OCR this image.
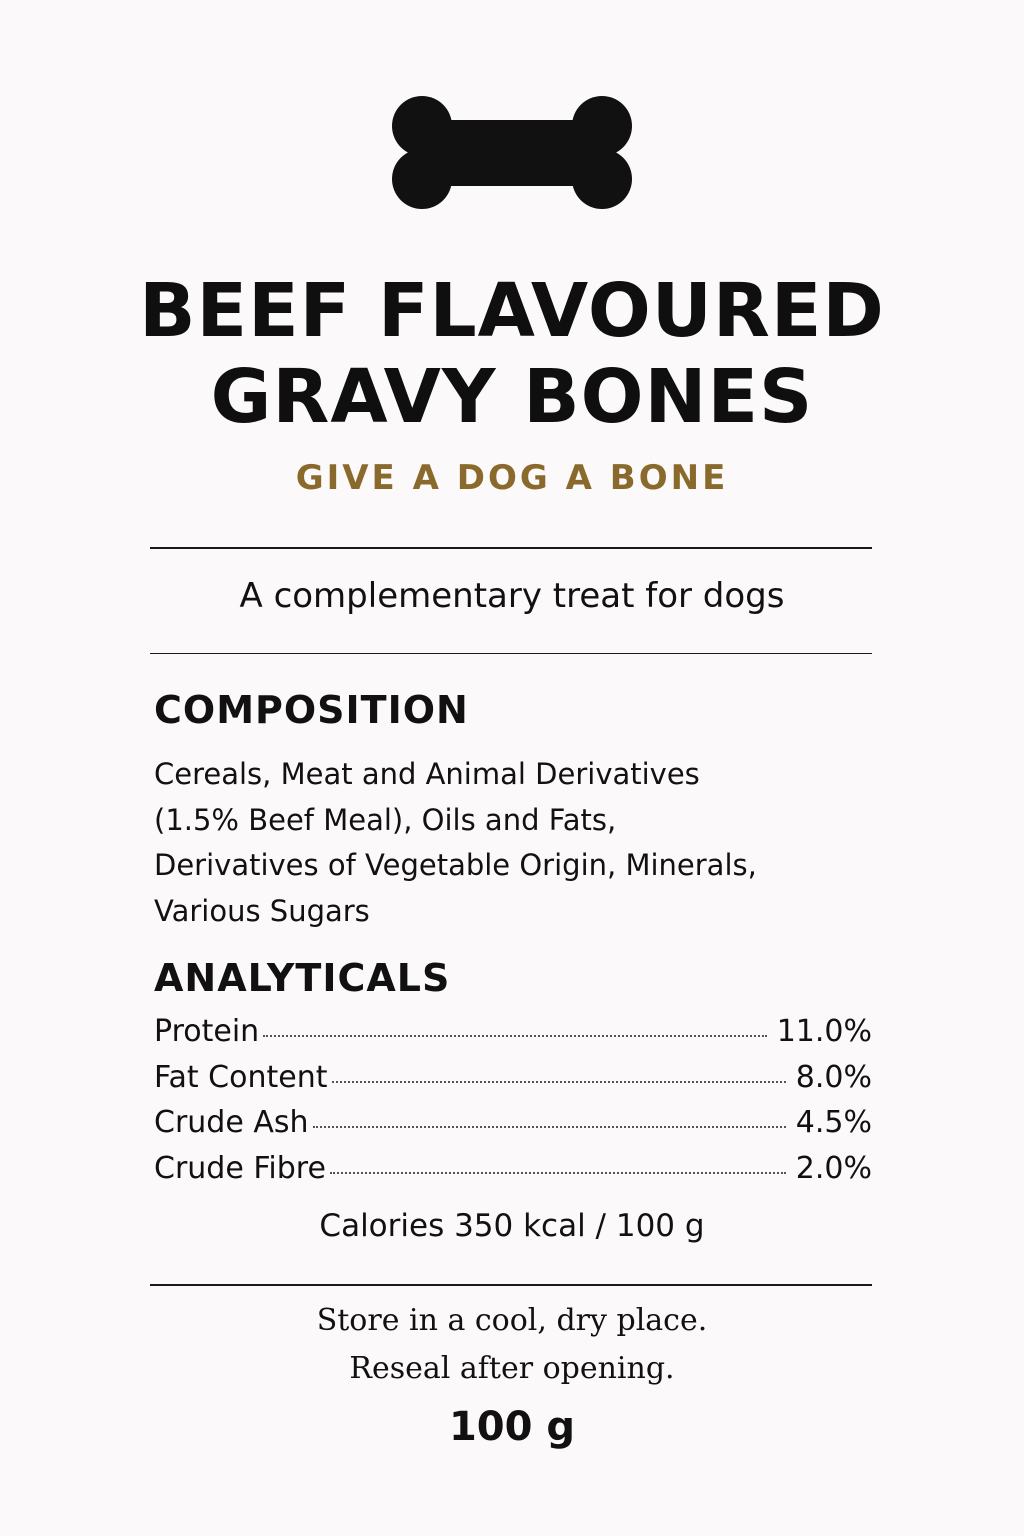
BEEF FLAVOURED
GRAVY BONES
GIVE A DOG A BONE
A complementary treat for dogs
COMPOSITION
Cereals, Meat and Animal Derivatives
(1.5% Beef Meal), Oils and Fats,
Derivatives of Vegetable Origin, Minerals,
Various Sugars
ANALYTICALS
Protein	11.0%
Fat Content	8.0%
Crude Ash	4.5%
Crude Fibre	2.0%
Calories 350 kcal / 100 g
Store in a cool, dry place.
Reseal after opening.
100 g
